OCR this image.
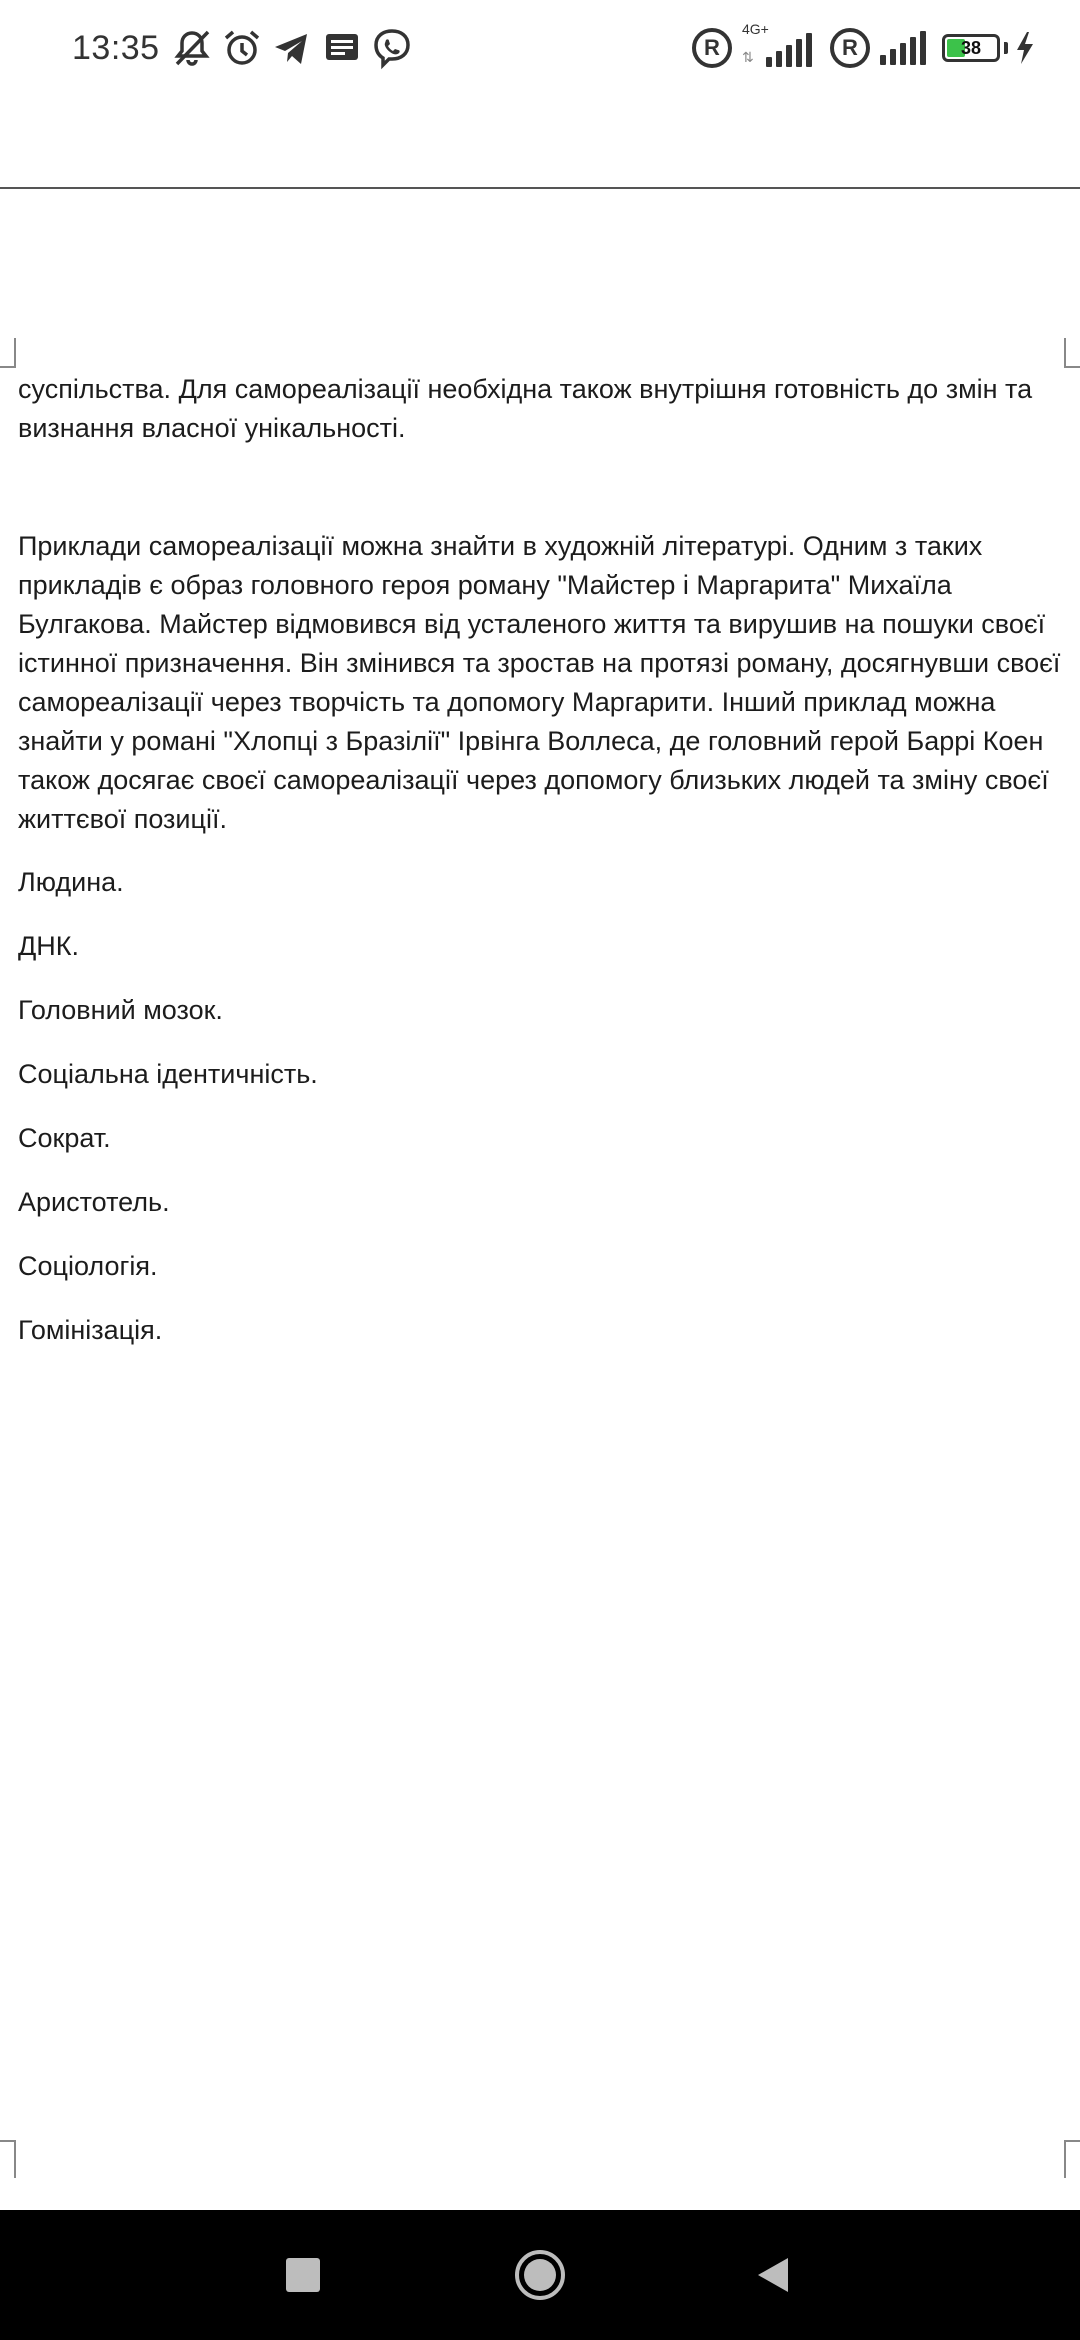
13:35	R
4G+
⇅	R	38

суспільства. Для самореалізації необхідна також внутрішня готовність до змін та визнання власної унікальності.

Приклади самореалізації можна знайти в художній літературі. Одним з таких прикладів є образ головного героя роману "Майстер і Маргарита" Михаїла Булгакова. Майстер відмовився від усталеного життя та вирушив на пошуки своєї істинної призначення. Він змінився та зростав на протязі роману, досягнувши своєї самореалізації через творчість та допомогу Маргарити. Інший приклад можна знайти у романі "Хлопці з Бразілії" Ірвінга Воллеса, де головний герой Баррі Коен також досягає своєї самореалізації через допомогу близьких людей та зміну своєї життєвої позиції.

Людина.

ДНК.

Головний мозок.

Соціальна ідентичність.

Сократ.

Аристотель.

Соціологія.

Гомінізація.
